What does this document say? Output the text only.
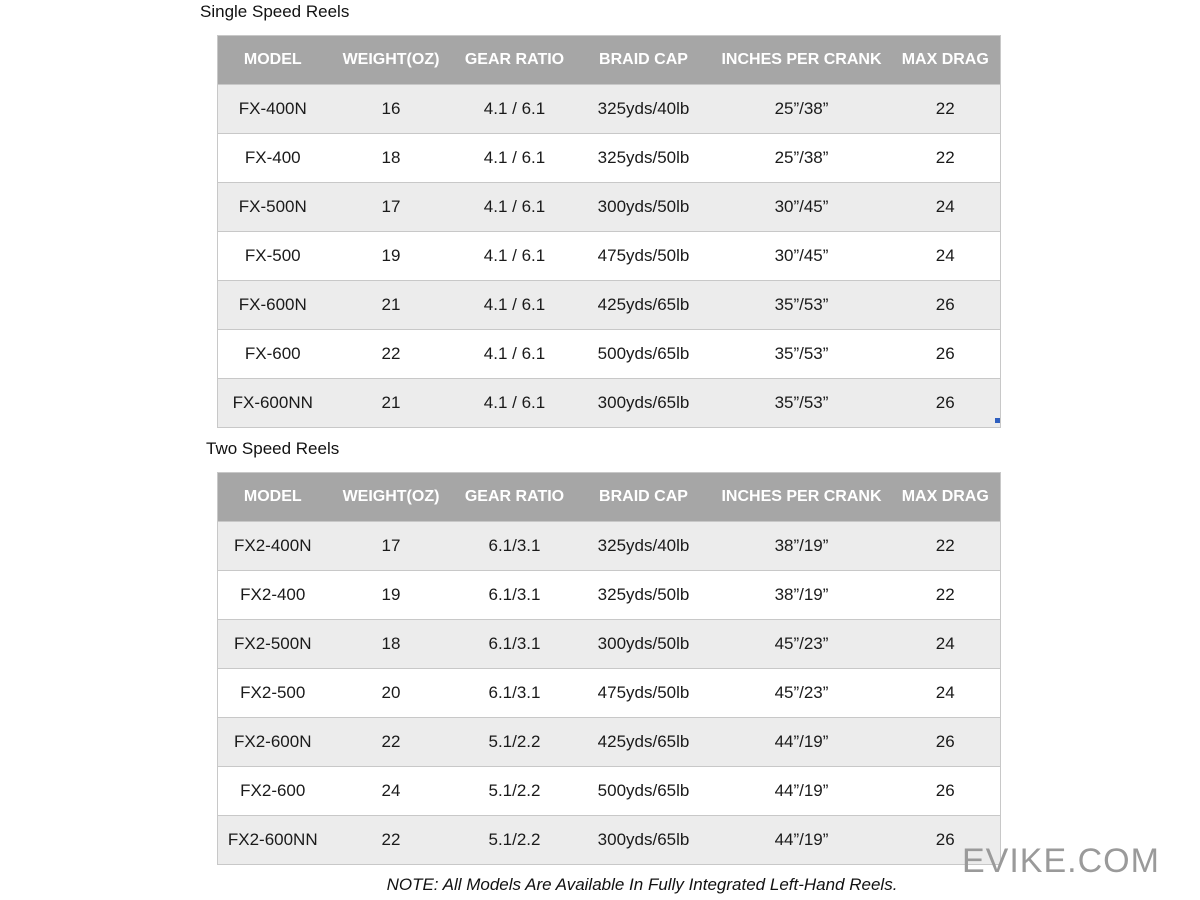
Single Speed Reels
MODEL	WEIGHT(OZ)	GEAR RATIO	BRAID CAP	INCHES PER CRANK	MAX DRAG
FX-400N	16	4.1 / 6.1	325yds/40lb	25”/38”	22
FX-400	18	4.1 / 6.1	325yds/50lb	25”/38”	22
FX-500N	17	4.1 / 6.1	300yds/50lb	30”/45”	24
FX-500	19	4.1 / 6.1	475yds/50lb	30”/45”	24
FX-600N	21	4.1 / 6.1	425yds/65lb	35”/53”	26
FX-600	22	4.1 / 6.1	500yds/65lb	35”/53”	26
FX-600NN	21	4.1 / 6.1	300yds/65lb	35”/53”	26
Two Speed Reels
MODEL	WEIGHT(OZ)	GEAR RATIO	BRAID CAP	INCHES PER CRANK	MAX DRAG
FX2-400N	17	6.1/3.1	325yds/40lb	38”/19”	22
FX2-400	19	6.1/3.1	325yds/50lb	38”/19”	22
FX2-500N	18	6.1/3.1	300yds/50lb	45”/23”	24
FX2-500	20	6.1/3.1	475yds/50lb	45”/23”	24
FX2-600N	22	5.1/2.2	425yds/65lb	44”/19”	26
FX2-600	24	5.1/2.2	500yds/65lb	44”/19”	26
FX2-600NN	22	5.1/2.2	300yds/65lb	44”/19”	26
EVIKE.COM
NOTE: All Models Are Available In Fully Integrated Left-Hand Reels.
